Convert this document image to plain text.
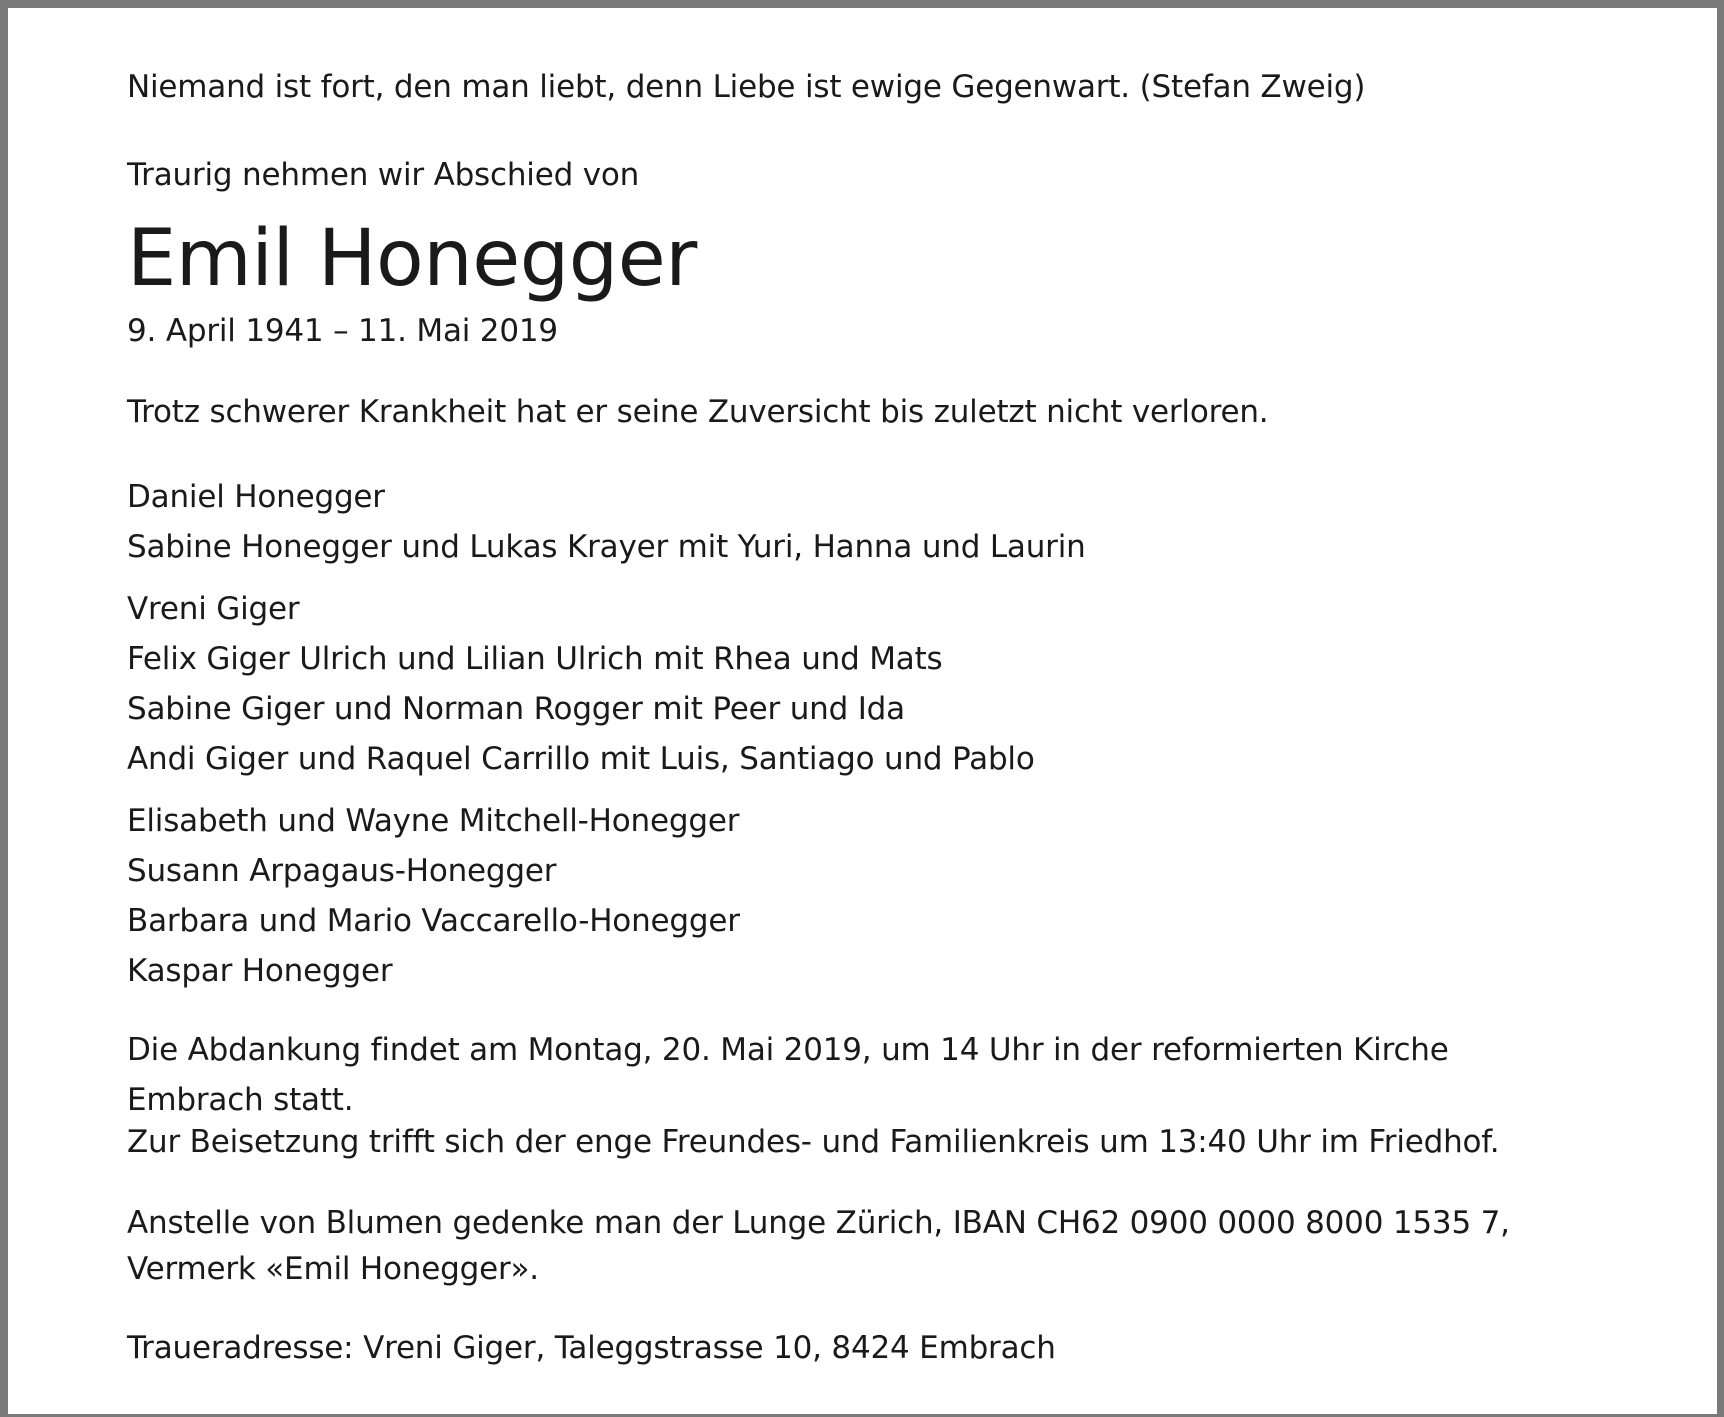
Niemand ist fort, den man liebt, denn Liebe ist ewige Gegenwart. (Stefan Zweig)
Traurig nehmen wir Abschied von
Emil Honegger
9. April 1941 – 11. Mai 2019
Trotz schwerer Krankheit hat er seine Zuversicht bis zuletzt nicht verloren.
Daniel Honegger
Sabine Honegger und Lukas Krayer mit Yuri, Hanna und Laurin
Vreni Giger
Felix Giger Ulrich und Lilian Ulrich mit Rhea und Mats
Sabine Giger und Norman Rogger mit Peer und Ida
Andi Giger und Raquel Carrillo mit Luis, Santiago und Pablo
Elisabeth und Wayne Mitchell-Honegger
Susann Arpagaus-Honegger
Barbara und Mario Vaccarello-Honegger
Kaspar Honegger
Die Abdankung findet am Montag, 20. Mai 2019, um 14 Uhr in der reformierten Kirche
Embrach statt.
Zur Beisetzung trifft sich der enge Freundes- und Familienkreis um 13:40 Uhr im Friedhof.
Anstelle von Blumen gedenke man der Lunge Zürich, IBAN CH62 0900 0000 8000 1535 7,
Vermerk «Emil Honegger».
Traueradresse: Vreni Giger, Taleggstrasse 10, 8424 Embrach
